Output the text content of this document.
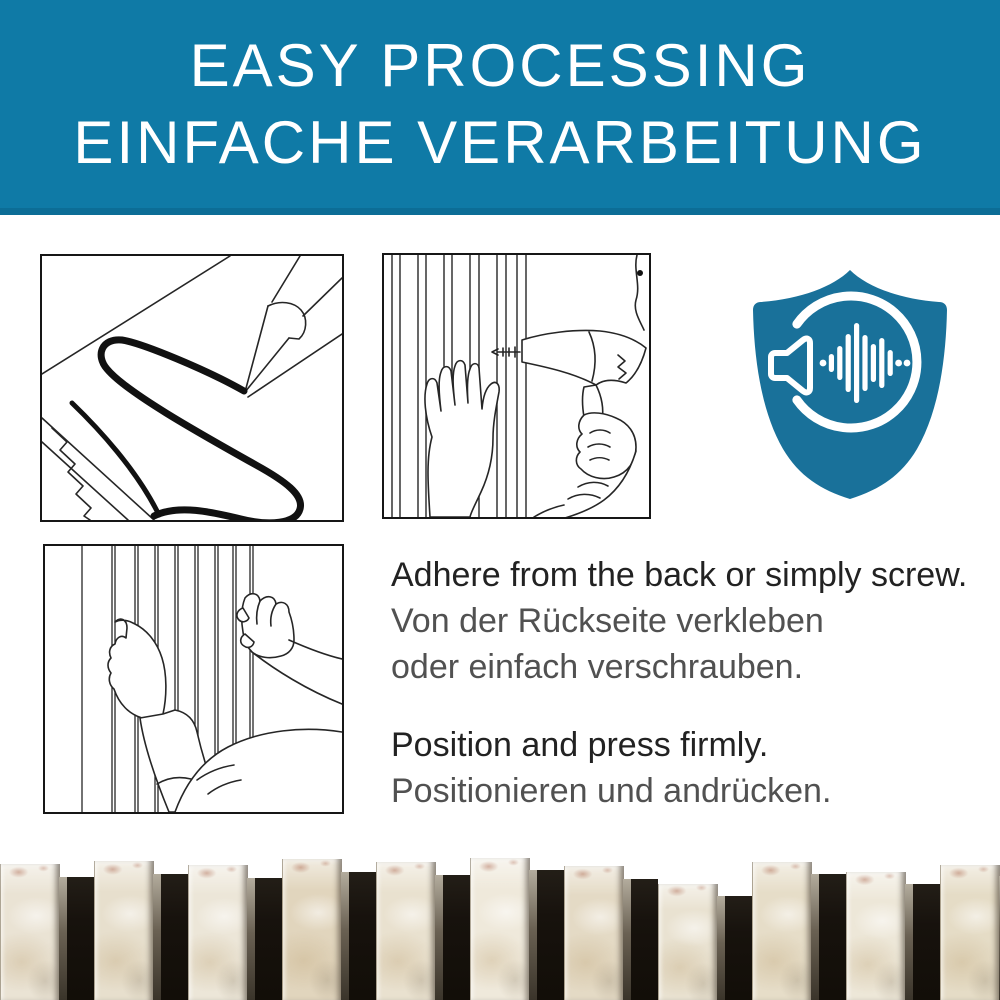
EASY PROCESSING
EINFACHE VERARBEITUNG

Adhere from the back or simply screw.
Von der Rückseite verkleben
oder einfach verschrauben.

Position and press firmly.
Positionieren und andrücken.
